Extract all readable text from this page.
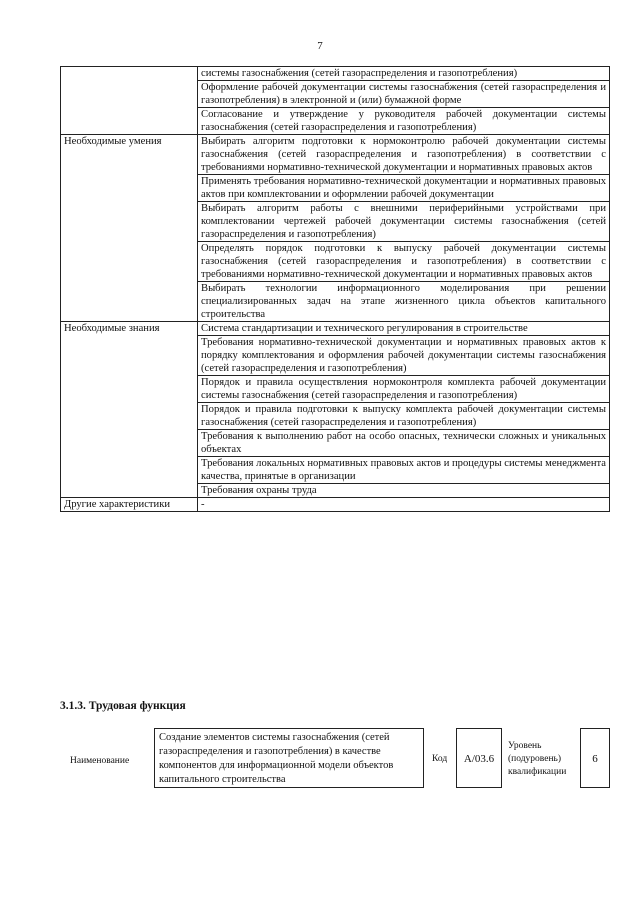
7
	системы газоснабжения (сетей газораспределения и газопотребления)
	Оформление рабочей документации системы газоснабжения (сетей газораспределения и газопотребления) в электронной и (или) бумажной форме
	Согласование и утверждение у руководителя рабочей документации системы газоснабжения (сетей газораспределения и газопотребления)
Необходимые умения	Выбирать алгоритм подготовки к нормоконтролю рабочей документации системы газоснабжения (сетей газораспределения и газопотребления) в соответствии с требованиями нормативно-технической документации и нормативных правовых актов
	Применять требования нормативно-технической документации и нормативных правовых актов при комплектовании и оформлении рабочей документации
	Выбирать алгоритм работы с внешними периферийными устройствами при комплектовании чертежей рабочей документации системы газоснабжения (сетей газораспределения и газопотребления)
	Определять порядок подготовки к выпуску рабочей документации системы газоснабжения (сетей газораспределения и газопотребления) в соответствии с требованиями нормативно-технической документации и нормативных правовых актов
	Выбирать технологии информационного моделирования при решении специализированных задач на этапе жизненного цикла объектов капитального строительства
Необходимые знания	Система стандартизации и технического регулирования в строительстве
	Требования нормативно-технической документации и нормативных правовых актов к порядку комплектования и оформления рабочей документации системы газоснабжения (сетей газораспределения и газопотребления)
	Порядок и правила осуществления нормоконтроля комплекта рабочей документации системы газоснабжения (сетей газораспределения и газопотребления)
	Порядок и правила подготовки к выпуску комплекта рабочей документации системы газоснабжения (сетей газораспределения и газопотребления)
	Требования к выполнению работ на особо опасных, технически сложных и уникальных объектах
	Требования локальных нормативных правовых актов и процедуры системы менеджмента качества, принятые в организации
	Требования охраны труда
Другие характеристики	-
3.1.3. Трудовая функция
Наименование
Создание элементов системы газоснабжения (сетей газораспределения и газопотребления) в качестве компонентов для информационной модели объектов капитального строительства
Код	А/03.6
Уровень (подуровень) квалификации
6
